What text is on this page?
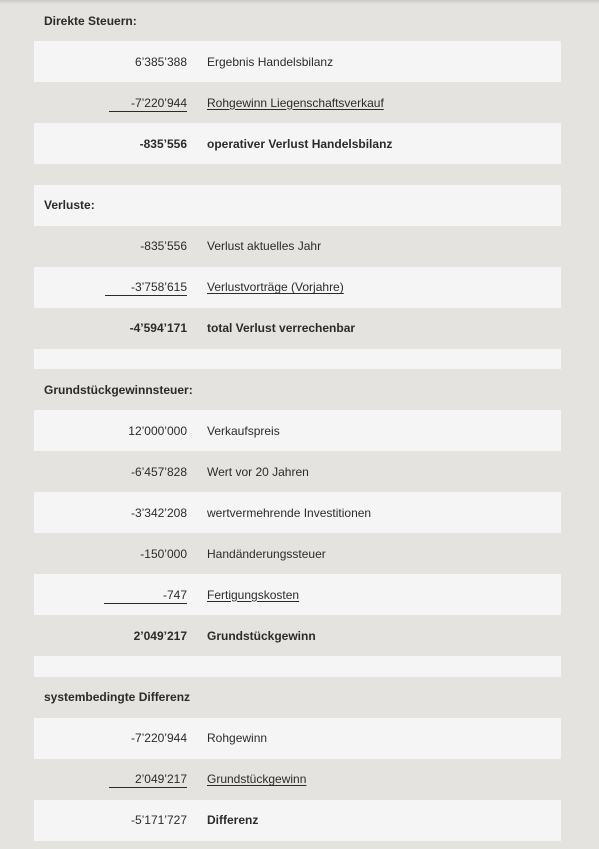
Direkte Steuern:
6’385’388 Ergebnis Handelsbilanz
-7’220’944 Rohgewinn Liegenschaftsverkauf
-835’556 operativer Verlust Handelsbilanz
Verluste:
-835’556 Verlust aktuelles Jahr
-3’758’615 Verlustvorträge (Vorjahre)
-4’594’171 total Verlust verrechenbar
Grundstückgewinnsteuer:
12’000’000 Verkaufspreis
-6’457’828 Wert vor 20 Jahren
-3’342’208 wertvermehrende Investitionen
-150’000 Handänderungssteuer
-747 Fertigungskosten
2’049’217 Grundstückgewinn
systembedingte Differenz
-7’220’944 Rohgewinn
2’049’217 Grundstückgewinn
-5’171’727 Differenz
